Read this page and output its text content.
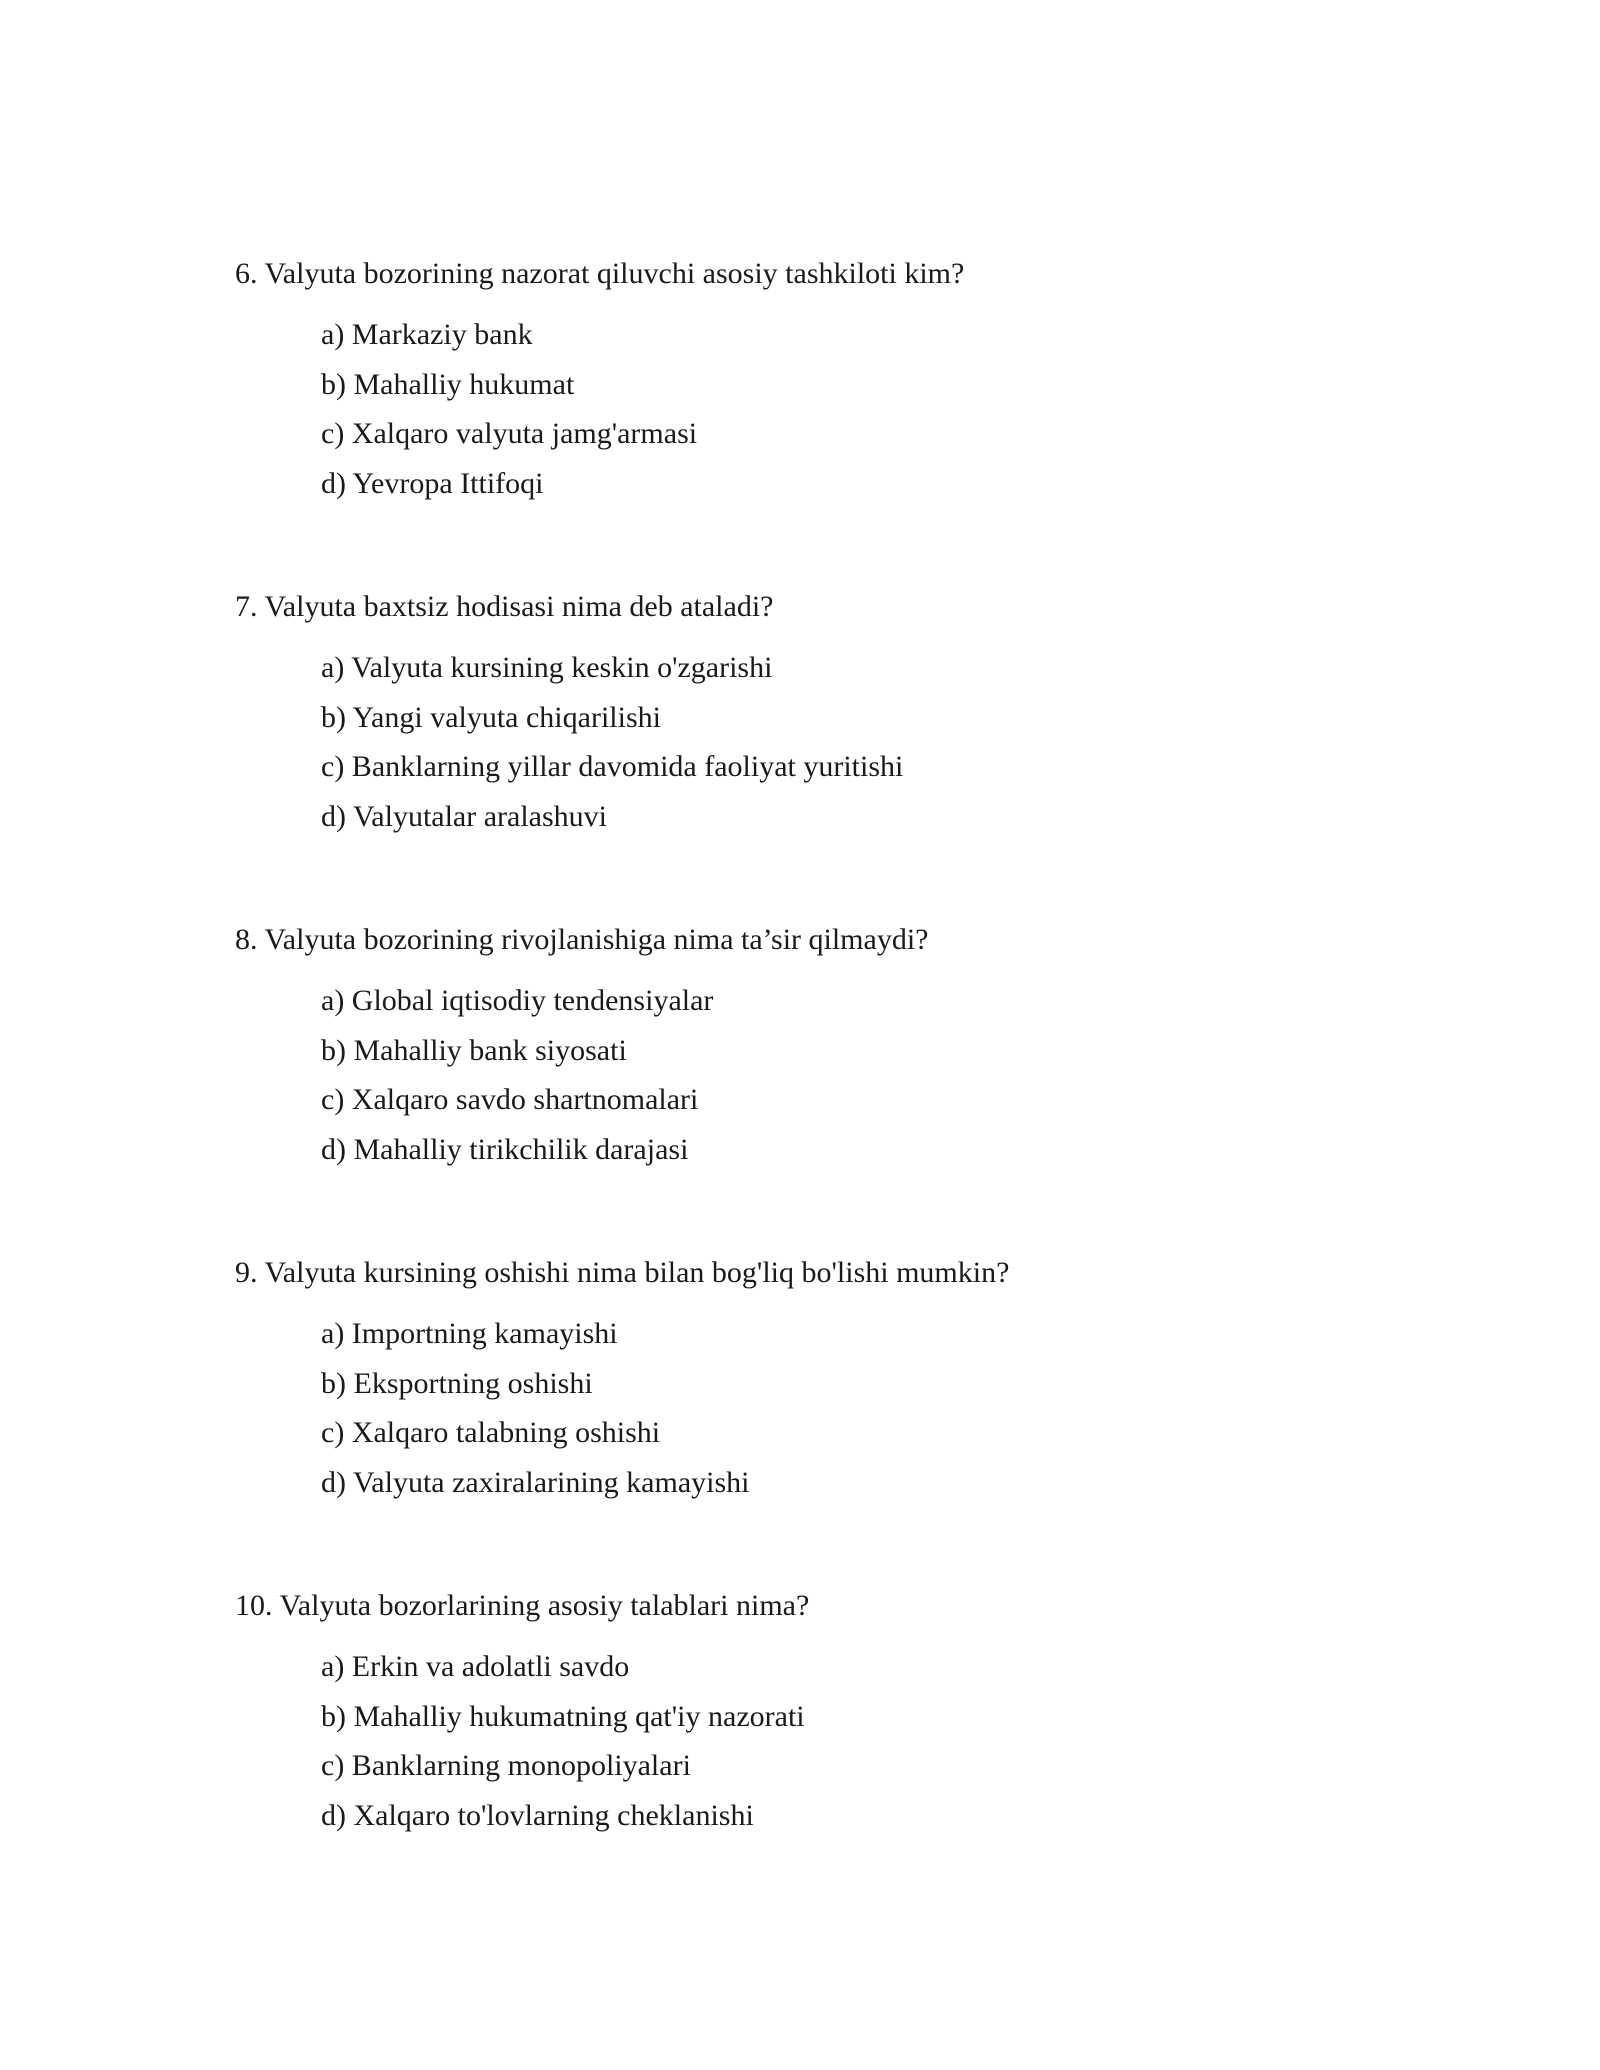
6. Valyuta bozorining nazorat qiluvchi asosiy tashkiloti kim?

a) Markaziy bank
b) Mahalliy hukumat
c) Xalqaro valyuta jamg'armasi
d) Yevropa Ittifoqi

7. Valyuta baxtsiz hodisasi nima deb ataladi?

a) Valyuta kursining keskin o'zgarishi
b) Yangi valyuta chiqarilishi
c) Banklarning yillar davomida faoliyat yuritishi
d) Valyutalar aralashuvi

8. Valyuta bozorining rivojlanishiga nima ta’sir qilmaydi?

a) Global iqtisodiy tendensiyalar
b) Mahalliy bank siyosati
c) Xalqaro savdo shartnomalari
d) Mahalliy tirikchilik darajasi

9. Valyuta kursining oshishi nima bilan bog'liq bo'lishi mumkin?

a) Importning kamayishi
b) Eksportning oshishi
c) Xalqaro talabning oshishi
d) Valyuta zaxiralarining kamayishi

10. Valyuta bozorlarining asosiy talablari nima?

a) Erkin va adolatli savdo
b) Mahalliy hukumatning qat'iy nazorati
c) Banklarning monopoliyalari
d) Xalqaro to'lovlarning cheklanishi
